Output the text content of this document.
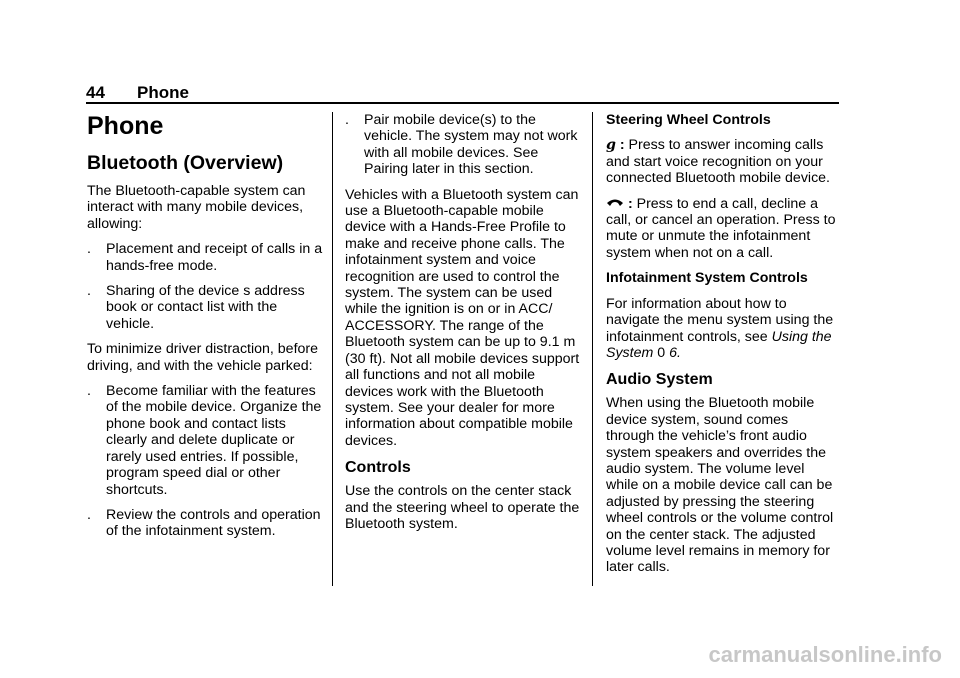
44 Phone
Phone
Bluetooth (Overview)

The Bluetooth-capable system can interact with many mobile devices, allowing:

. Placement and receipt of calls in a hands-free mode.
. Sharing of the device s address book or contact list with the vehicle.

To minimize driver distraction, before driving, and with the vehicle parked:

. Become familiar with the features of the mobile device. Organize the phone book and contact lists clearly and delete duplicate or rarely used entries. If possible, program speed dial or other shortcuts.
. Review the controls and operation of the infotainment system.
. Pair mobile device(s) to the vehicle. The system may not work with all mobile devices. See Pairing later in this section.

Vehicles with a Bluetooth system can use a Bluetooth-capable mobile device with a Hands-Free Profile to make and receive phone calls. The infotainment system and voice recognition are used to control the system. The system can be used while the ignition is on or in ACC/ ACCESSORY. The range of the Bluetooth system can be up to 9.1 m (30 ft). Not all mobile devices support all functions and not all mobile devices work with the Bluetooth system. See your dealer for more information about compatible mobile devices.

Controls

Use the controls on the center stack and the steering wheel to operate the Bluetooth system.

Steering Wheel Controls

g : Press to answer incoming calls and start voice recognition on your connected Bluetooth mobile device.

: Press to end a call, decline a call, or cancel an operation. Press to mute or unmute the infotainment system when not on a call.

Infotainment System Controls

For information about how to navigate the menu system using the infotainment controls, see Using the System 0 6.

Audio System

When using the Bluetooth mobile device system, sound comes through the vehicle’s front audio system speakers and overrides the audio system. The volume level while on a mobile device call can be adjusted by pressing the steering wheel controls or the volume control on the center stack. The adjusted volume level remains in memory for later calls.

carmanualsonline.info
